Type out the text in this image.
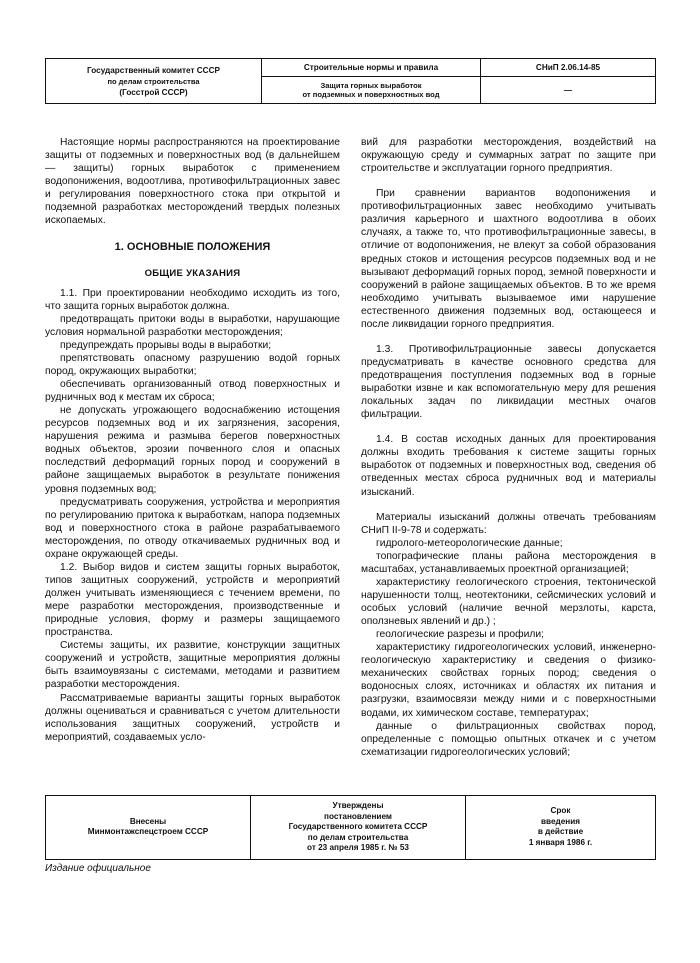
Государственный комитет СССР
по делам строительства
(Госстрой СССР)	Строительные нормы и правила	СНиП 2.06.14-85

	Защита горных выработок
от подземных и поверхностных вод	—

Настоящие нормы распространяются на проектирование защиты от подземных и поверхностных вод (в дальнейшем — защиты) горных выработок с применением водопонижения, водоотлива, противофильтрационных завес и регулирования поверхностного стока при открытой и подземной разработках месторождений твердых полезных ископаемых.

1. ОСНОВНЫЕ ПОЛОЖЕНИЯ

ОБЩИЕ УКАЗАНИЯ

1.1. При проектировании необходимо исходить из того, что защита горных выработок должна.

предотвращать притоки воды в выработки, нарушающие условия нормальной разработки месторождения;

предупреждать прорывы воды в выработки;

препятствовать опасному разрушению водой горных пород, окружающих выработки;

обеспечивать организованный отвод поверхностных и рудничных вод к местам их сброса;

не допускать угрожающего водоснабжению истощения ресурсов подземных вод и их загрязнения, засорения, нарушения режима и размыва берегов поверхностных водных объектов, эрозии почвенного слоя и опасных последствий деформаций горных пород и сооружений в районе защищаемых выработок в результате понижения уровня подземных вод;

предусматривать сооружения, устройства и мероприятия по регулированию притока к выработкам, напора подземных вод и поверхностного стока в районе разрабатываемого месторождения, по отводу откачиваемых рудничных вод и охране окружающей среды.

1.2. Выбор видов и систем защиты горных выработок, типов защитных сооружений, устройств и мероприятий должен учитывать изменяющиеся с течением времени, по мере разработки месторождения, производственные и природные условия, форму и размеры защищаемого пространства.

Системы защиты, их развитие, конструкции защитных сооружений и устройств, защитные мероприятия должны быть взаимоувязаны с системами, методами и развитием разработки месторождения.

Рассматриваемые варианты защиты горных выработок должны оцениваться и сравниваться с учетом длительности использования защитных сооружений, устройств и мероприятий, создаваемых усло-

вий для разработки месторождения, воздействий на окружающую среду и суммарных затрат по защите при строительстве и эксплуатации горного предприятия.

При сравнении вариантов водопонижения и противофильтрационных завес необходимо учитывать различия карьерного и шахтного водоотлива в обоих случаях, а также то, что противофильтрационные завесы, в отличие от водопонижения, не влекут за собой образования вредных стоков и истощения ресурсов подземных вод и не вызывают деформаций горных пород, земной поверхности и сооружений в районе защищаемых объектов. В то же время необходимо учитывать вызываемое ими нарушение естественного движения подземных вод, остающееся и после ликвидации горного предприятия.

1.3. Противофильтрационные завесы допускается предусматривать в качестве основного средства для предотвращения поступления подземных вод в горные выработки извне и как вспомогательную меру для решения локальных задач по ликвидации местных очагов фильтрации.

1.4. В состав исходных данных для проектирования должны входить требования к системе защиты горных выработок от подземных и поверхностных вод, сведения об отведенных местах сброса рудничных вод и материалы изысканий.

Материалы изысканий должны отвечать требованиям СНиП II-9-78 и содержать:

гидролого-метеорологические данные;

топографические планы района месторождения в масштабах, устанавливаемых проектной организацией;

характеристику геологического строения, тектонической нарушенности толщ, неотектоники, сейсмических условий и особых условий (наличие вечной мерзлоты, карста, оползневых явлений и др.) ;

геологические разрезы и профили;

характеристику гидрогеологических условий, инженерно-геологическую характеристику и сведения о физико-механических свойствах горных пород; сведения о водоносных слоях, источниках и областях их питания и разгрузки, взаимосвязи между ними и с поверхностными водами, их химическом составе, температурах;

данные о фильтрационных свойствах пород, определенные с помощью опытных откачек и с учетом схематизации гидрогеологических условий;

Внесены
Минмонтажспецстроем СССР

Утверждены
постановлением
Государственного комитета СССР
по делам строительства
от 23 апреля 1985 г. № 53

Срок
введения
в действие
1 января 1986 г.
Издание официальное
